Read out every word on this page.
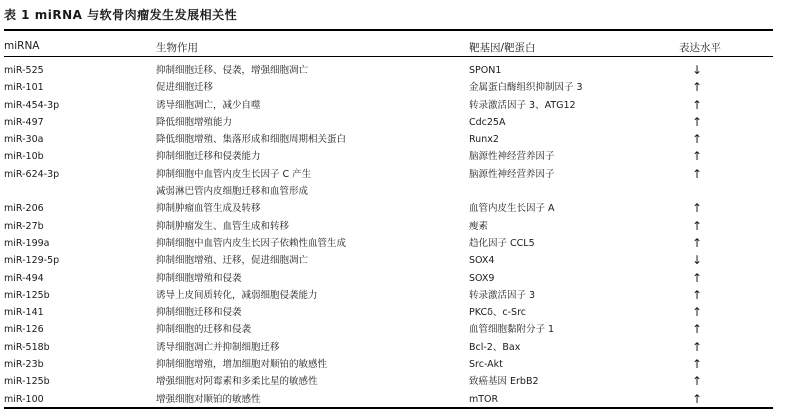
表 1 miRNA 与软骨肉瘤发生发展相关性
miRNA	生物作用	靶基因/靶蛋白	表达水平
miR-525	抑制细胞迁移、侵袭，增强细胞凋亡	SPON1	↓
miR-101	促进细胞迁移	金属蛋白酶组织抑制因子 3	↑
miR-454-3p	诱导细胞凋亡，减少自噬	转录激活因子 3、ATG12	↑
miR-497	降低细胞增殖能力	Cdc25A	↑
miR-30a	降低细胞增殖、集落形成和细胞周期相关蛋白	Runx2	↑
miR-10b	抑制细胞迁移和侵袭能力	脑源性神经营养因子	↑
miR-624-3p	抑制细胞中血管内皮生长因子 C 产生	脑源性神经营养因子	↑
减弱淋巴管内皮细胞迁移和血管形成
miR-206	抑制肿瘤血管生成及转移	血管内皮生长因子 A	↑
miR-27b	抑制肿瘤发生、血管生成和转移	瘦素	↑
miR-199a	抑制细胞中血管内皮生长因子依赖性血管生成	趋化因子 CCL5	↑
miR-129-5p	抑制细胞增殖、迁移，促进细胞凋亡	SOX4	↓
miR-494	抑制细胞增殖和侵袭	SOX9	↑
miR-125b	诱导上皮间质转化，减弱细胞侵袭能力	转录激活因子 3	↑
miR-141	抑制细胞迁移和侵袭	PKCδ、c-Src	↑
miR-126	抑制细胞的迁移和侵袭	血管细胞黏附分子 1	↑
miR-518b	诱导细胞凋亡并抑制细胞迁移	Bcl-2、Bax	↑
miR-23b	抑制细胞增殖，增加细胞对顺铂的敏感性	Src-Akt	↑
miR-125b	增强细胞对阿霉素和多柔比星的敏感性	致癌基因 ErbB2	↑
miR-100	增强细胞对顺铂的敏感性	mTOR	↑
